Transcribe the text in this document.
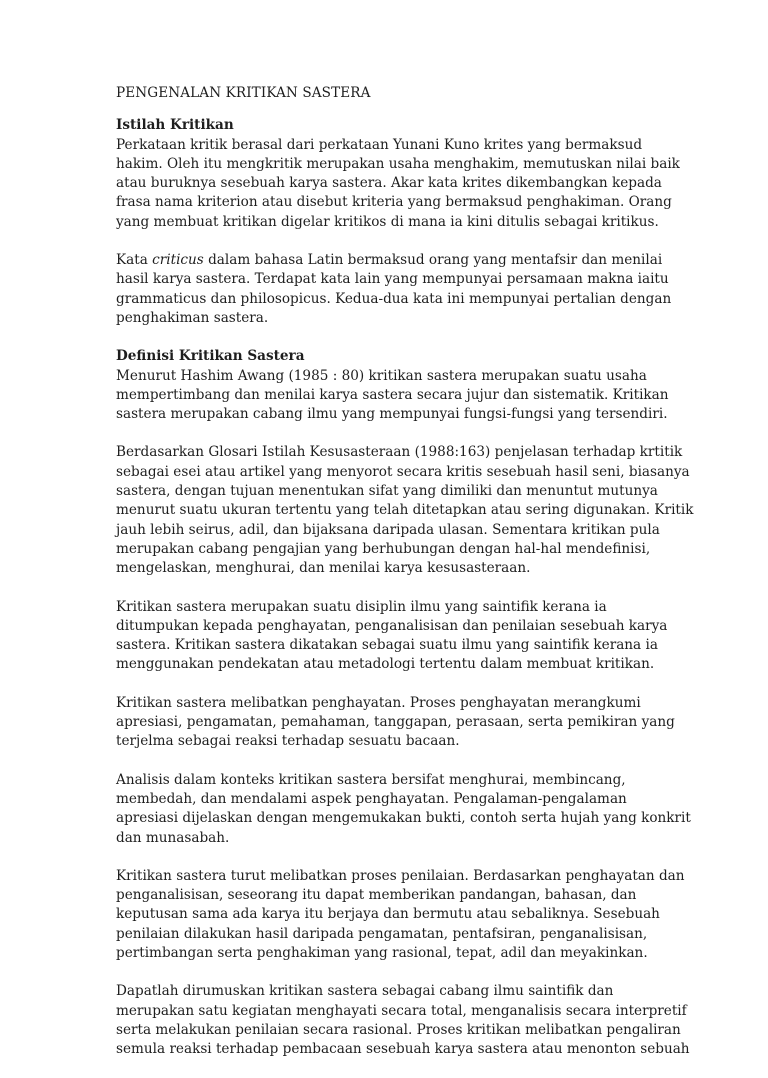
PENGENALAN KRITIKAN SASTERA
Istilah Kritikan

Perkataan kritik berasal dari perkataan Yunani Kuno krites yang bermaksud
hakim. Oleh itu mengkritik merupakan usaha menghakim, memutuskan nilai baik
atau buruknya sesebuah karya sastera. Akar kata krites dikembangkan kepada
frasa nama kriterion atau disebut kriteria yang bermaksud penghakiman. Orang
yang membuat kritikan digelar kritikos di mana ia kini ditulis sebagai kritikus.

Kata criticus dalam bahasa Latin bermaksud orang yang mentafsir dan menilai
hasil karya sastera. Terdapat kata lain yang mempunyai persamaan makna iaitu
grammaticus dan philosopicus. Kedua-dua kata ini mempunyai pertalian dengan
penghakiman sastera.

Definisi Kritikan Sastera

Menurut Hashim Awang (1985 : 80) kritikan sastera merupakan suatu usaha
mempertimbang dan menilai karya sastera secara jujur dan sistematik. Kritikan
sastera merupakan cabang ilmu yang mempunyai fungsi-fungsi yang tersendiri.

Berdasarkan Glosari Istilah Kesusasteraan (1988:163) penjelasan terhadap krtitik
sebagai esei atau artikel yang menyorot secara kritis sesebuah hasil seni, biasanya
sastera, dengan tujuan menentukan sifat yang dimiliki dan menuntut mutunya
menurut suatu ukuran tertentu yang telah ditetapkan atau sering digunakan. Kritik
jauh lebih seirus, adil, dan bijaksana daripada ulasan. Sementara kritikan pula
merupakan cabang pengajian yang berhubungan dengan hal-hal mendefinisi,
mengelaskan, menghurai, dan menilai karya kesusasteraan.

Kritikan sastera merupakan suatu disiplin ilmu yang saintifik kerana ia
ditumpukan kepada penghayatan, penganalisisan dan penilaian sesebuah karya
sastera. Kritikan sastera dikatakan sebagai suatu ilmu yang saintifik kerana ia
menggunakan pendekatan atau metadologi tertentu dalam membuat kritikan.

Kritikan sastera melibatkan penghayatan. Proses penghayatan merangkumi
apresiasi, pengamatan, pemahaman, tanggapan, perasaan, serta pemikiran yang
terjelma sebagai reaksi terhadap sesuatu bacaan.

Analisis dalam konteks kritikan sastera bersifat menghurai, membincang,
membedah, dan mendalami aspek penghayatan. Pengalaman-pengalaman
apresiasi dijelaskan dengan mengemukakan bukti, contoh serta hujah yang konkrit
dan munasabah.

Kritikan sastera turut melibatkan proses penilaian. Berdasarkan penghayatan dan
penganalisisan, seseorang itu dapat memberikan pandangan, bahasan, dan
keputusan sama ada karya itu berjaya dan bermutu atau sebaliknya. Sesebuah
penilaian dilakukan hasil daripada pengamatan, pentafsiran, penganalisisan,
pertimbangan serta penghakiman yang rasional, tepat, adil dan meyakinkan.

Dapatlah dirumuskan kritikan sastera sebagai cabang ilmu saintifik dan
merupakan satu kegiatan menghayati secara total, menganalisis secara interpretif
serta melakukan penilaian secara rasional. Proses kritikan melibatkan pengaliran
semula reaksi terhadap pembacaan sesebuah karya sastera atau menonton sebuah
